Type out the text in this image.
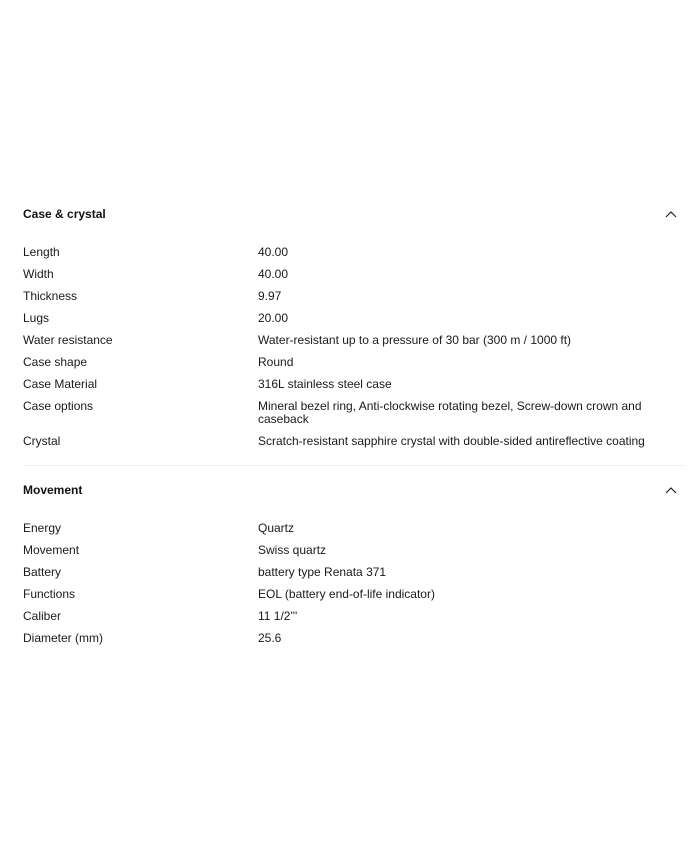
Case & crystal
Length	40.00
Width	40.00
Thickness	9.97
Lugs	20.00
Water resistance	Water-resistant up to a pressure of 30 bar (300 m / 1000 ft)
Case shape	Round
Case Material	316L stainless steel case
Case options	Mineral bezel ring, Anti-clockwise rotating bezel, Screw-down crown and caseback
Crystal	Scratch-resistant sapphire crystal with double-sided antireflective coating
Movement
Energy	Quartz
Movement	Swiss quartz
Battery	battery type Renata 371
Functions	EOL (battery end-of-life indicator)
Caliber	11 1/2'''
Diameter (mm)	25.6
